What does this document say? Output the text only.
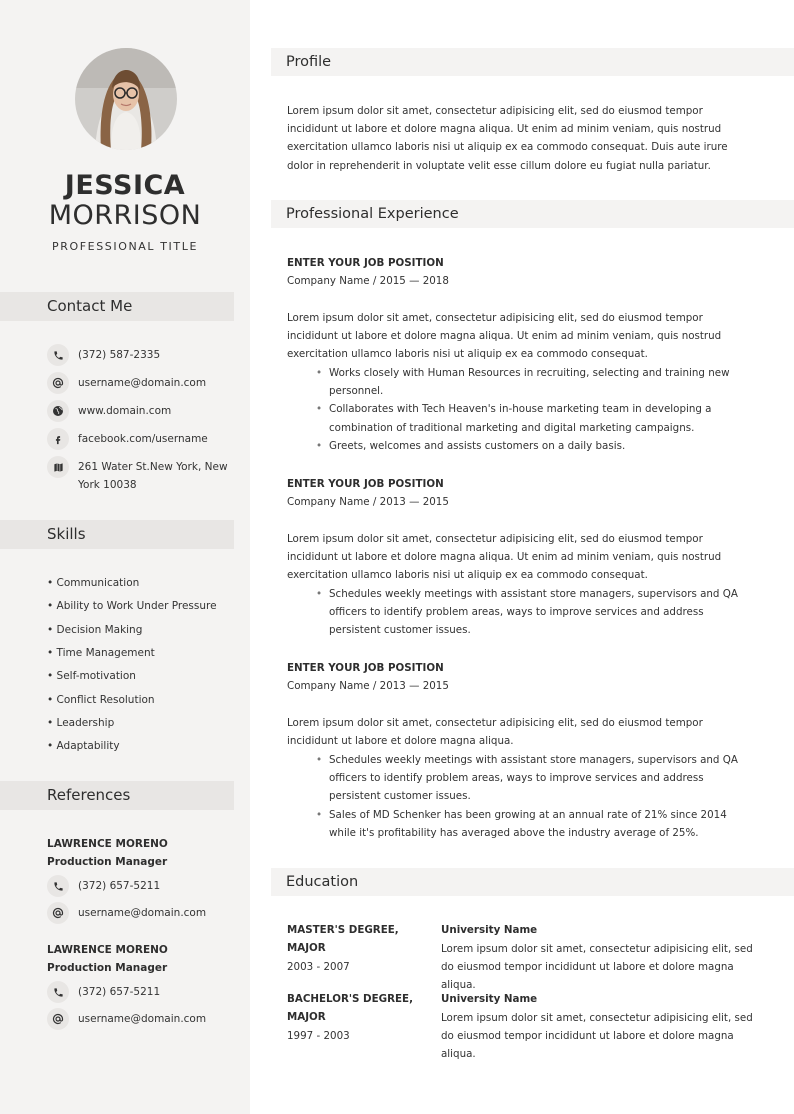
JESSICA
MORRISON
PROFESSIONAL TITLE
Contact Me
(372) 587-2335
username@domain.com
www.domain.com
facebook.com/username
261 Water St.New York, New York 10038
Skills
• Communication
• Ability to Work Under Pressure
• Decision Making
• Time Management
• Self-motivation
• Conflict Resolution
• Leadership
• Adaptability
References
LAWRENCE MORENO
Production Manager
(372) 657-5211
username@domain.com
LAWRENCE MORENO
Production Manager
(372) 657-5211
username@domain.com
Profile
Lorem ipsum dolor sit amet, consectetur adipisicing elit, sed do eiusmod tempor incididunt ut labore et dolore magna aliqua. Ut enim ad minim veniam, quis nostrud exercitation ullamco laboris nisi ut aliquip ex ea commodo consequat. Duis aute irure dolor in reprehenderit in voluptate velit esse cillum dolore eu fugiat nulla pariatur.
Professional Experience
ENTER YOUR JOB POSITION
Company Name / 2015 — 2018
Lorem ipsum dolor sit amet, consectetur adipisicing elit, sed do eiusmod tempor incididunt ut labore et dolore magna aliqua. Ut enim ad minim veniam, quis nostrud exercitation ullamco laboris nisi ut aliquip ex ea commodo consequat.
• Works closely with Human Resources in recruiting, selecting and training new personnel.
• Collaborates with Tech Heaven's in-house marketing team in developing a combination of traditional marketing and digital marketing campaigns.
• Greets, welcomes and assists customers on a daily basis.
ENTER YOUR JOB POSITION
Company Name / 2013 — 2015
Lorem ipsum dolor sit amet, consectetur adipisicing elit, sed do eiusmod tempor incididunt ut labore et dolore magna aliqua. Ut enim ad minim veniam, quis nostrud exercitation ullamco laboris nisi ut aliquip ex ea commodo consequat.
• Schedules weekly meetings with assistant store managers, supervisors and QA officers to identify problem areas, ways to improve services and address persistent customer issues.
ENTER YOUR JOB POSITION
Company Name / 2013 — 2015
Lorem ipsum dolor sit amet, consectetur adipisicing elit, sed do eiusmod tempor incididunt ut labore et dolore magna aliqua.
• Schedules weekly meetings with assistant store managers, supervisors and QA officers to identify problem areas, ways to improve services and address persistent customer issues.
• Sales of MD Schenker has been growing at an annual rate of 21% since 2014 while it's profitability has averaged above the industry average of 25%.
Education
MASTER'S DEGREE, MAJOR
2003 - 2007
University Name
Lorem ipsum dolor sit amet, consectetur adipisicing elit, sed do eiusmod tempor incididunt ut labore et dolore magna aliqua.
BACHELOR'S DEGREE, MAJOR
1997 - 2003
University Name
Lorem ipsum dolor sit amet, consectetur adipisicing elit, sed do eiusmod tempor incididunt ut labore et dolore magna aliqua.
